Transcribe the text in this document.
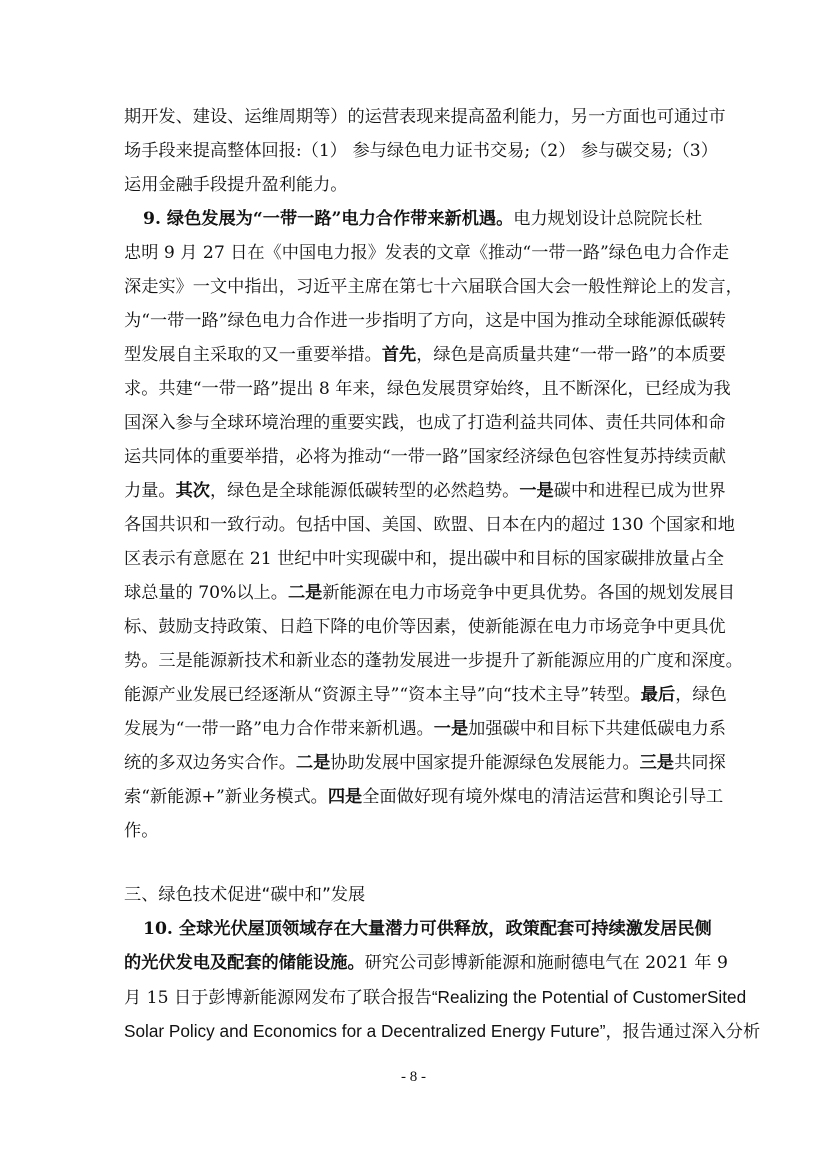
期开发、建设、运维周期等）的运营表现来提高盈利能力，另一方面也可通过市
场手段来提高整体回报:（1） 参与绿色电力证书交易;（2） 参与碳交易;（3）
运用金融手段提升盈利能力。
9. 绿色发展为“一带一路”电力合作带来新机遇。电力规划设计总院院长杜
忠明 9 月 27 日在《中国电力报》发表的文章《推动“一带一路”绿色电力合作走
深走实》一文中指出，习近平主席在第七十六届联合国大会一般性辩论上的发言，
为“一带一路”绿色电力合作进一步指明了方向，这是中国为推动全球能源低碳转
型发展自主采取的又一重要举措。首先，绿色是高质量共建“一带一路”的本质要
求。共建“一带一路”提出 8 年来，绿色发展贯穿始终，且不断深化，已经成为我
国深入参与全球环境治理的重要实践，也成了打造利益共同体、责任共同体和命
运共同体的重要举措，必将为推动“一带一路”国家经济绿色包容性复苏持续贡献
力量。其次，绿色是全球能源低碳转型的必然趋势。一是碳中和进程已成为世界
各国共识和一致行动。包括中国、美国、欧盟、日本在内的超过 130 个国家和地
区表示有意愿在 21 世纪中叶实现碳中和，提出碳中和目标的国家碳排放量占全
球总量的 70%以上。二是新能源在电力市场竞争中更具优势。各国的规划发展目
标、鼓励支持政策、日趋下降的电价等因素，使新能源在电力市场竞争中更具优
势。三是能源新技术和新业态的蓬勃发展进一步提升了新能源应用的广度和深度。
能源产业发展已经逐渐从“资源主导”“资本主导”向“技术主导”转型。最后，绿色
发展为“一带一路”电力合作带来新机遇。一是加强碳中和目标下共建低碳电力系
统的多双边务实合作。二是协助发展中国家提升能源绿色发展能力。三是共同探
索“新能源+”新业务模式。四是全面做好现有境外煤电的清洁运营和舆论引导工
作。
三、绿色技术促进“碳中和”发展
10. 全球光伏屋顶领域存在大量潜力可供释放，政策配套可持续激发居民侧
的光伏发电及配套的储能设施。研究公司彭博新能源和施耐德电气在 2021 年 9
月 15 日于彭博新能源网发布了联合报告“Realizing the Potential of CustomerSited
Solar Policy and Economics for a Decentralized Energy Future”，报告通过深入分析
- 8 -
